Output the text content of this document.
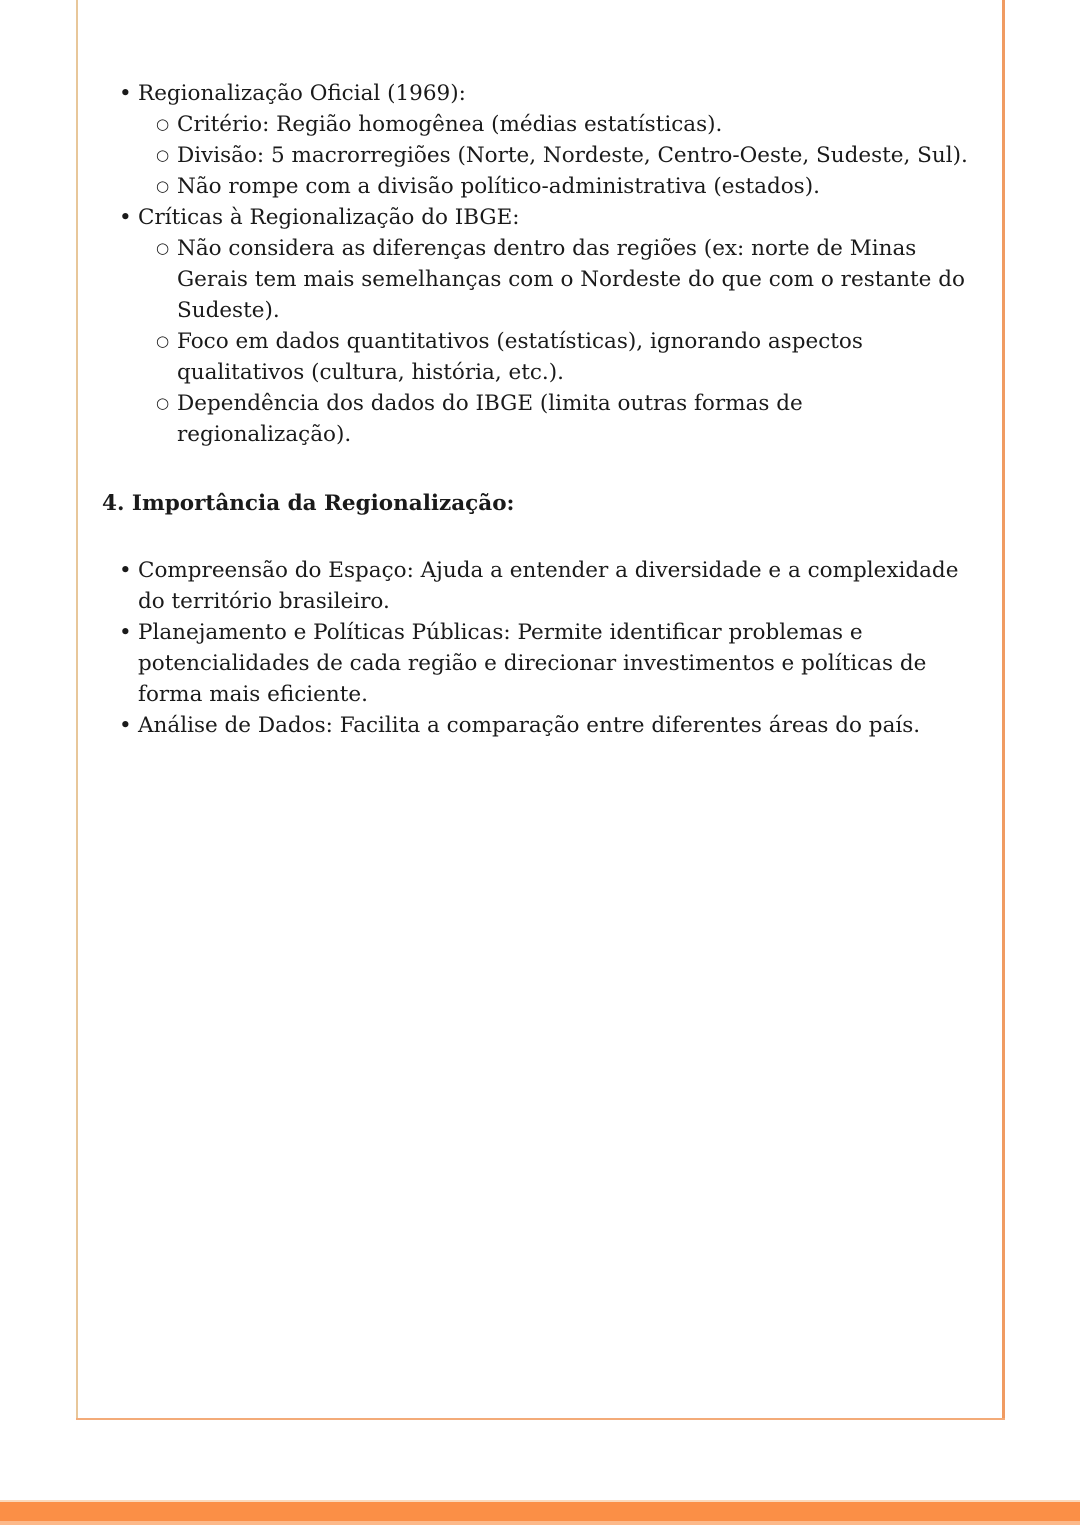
• Regionalização Oficial (1969):
○ Critério: Região homogênea (médias estatísticas).
○ Divisão: 5 macrorregiões (Norte, Nordeste, Centro-Oeste, Sudeste, Sul).
○ Não rompe com a divisão político-administrativa (estados).
• Críticas à Regionalização do IBGE:
○ Não considera as diferenças dentro das regiões (ex: norte de Minas Gerais tem mais semelhanças com o Nordeste do que com o restante do Sudeste).
○ Foco em dados quantitativos (estatísticas), ignorando aspectos qualitativos (cultura, história, etc.).
○ Dependência dos dados do IBGE (limita outras formas de regionalização).
4. Importância da Regionalização:
• Compreensão do Espaço: Ajuda a entender a diversidade e a complexidade do território brasileiro.
• Planejamento e Políticas Públicas: Permite identificar problemas e potencialidades de cada região e direcionar investimentos e políticas de forma mais eficiente.
• Análise de Dados: Facilita a comparação entre diferentes áreas do país.
